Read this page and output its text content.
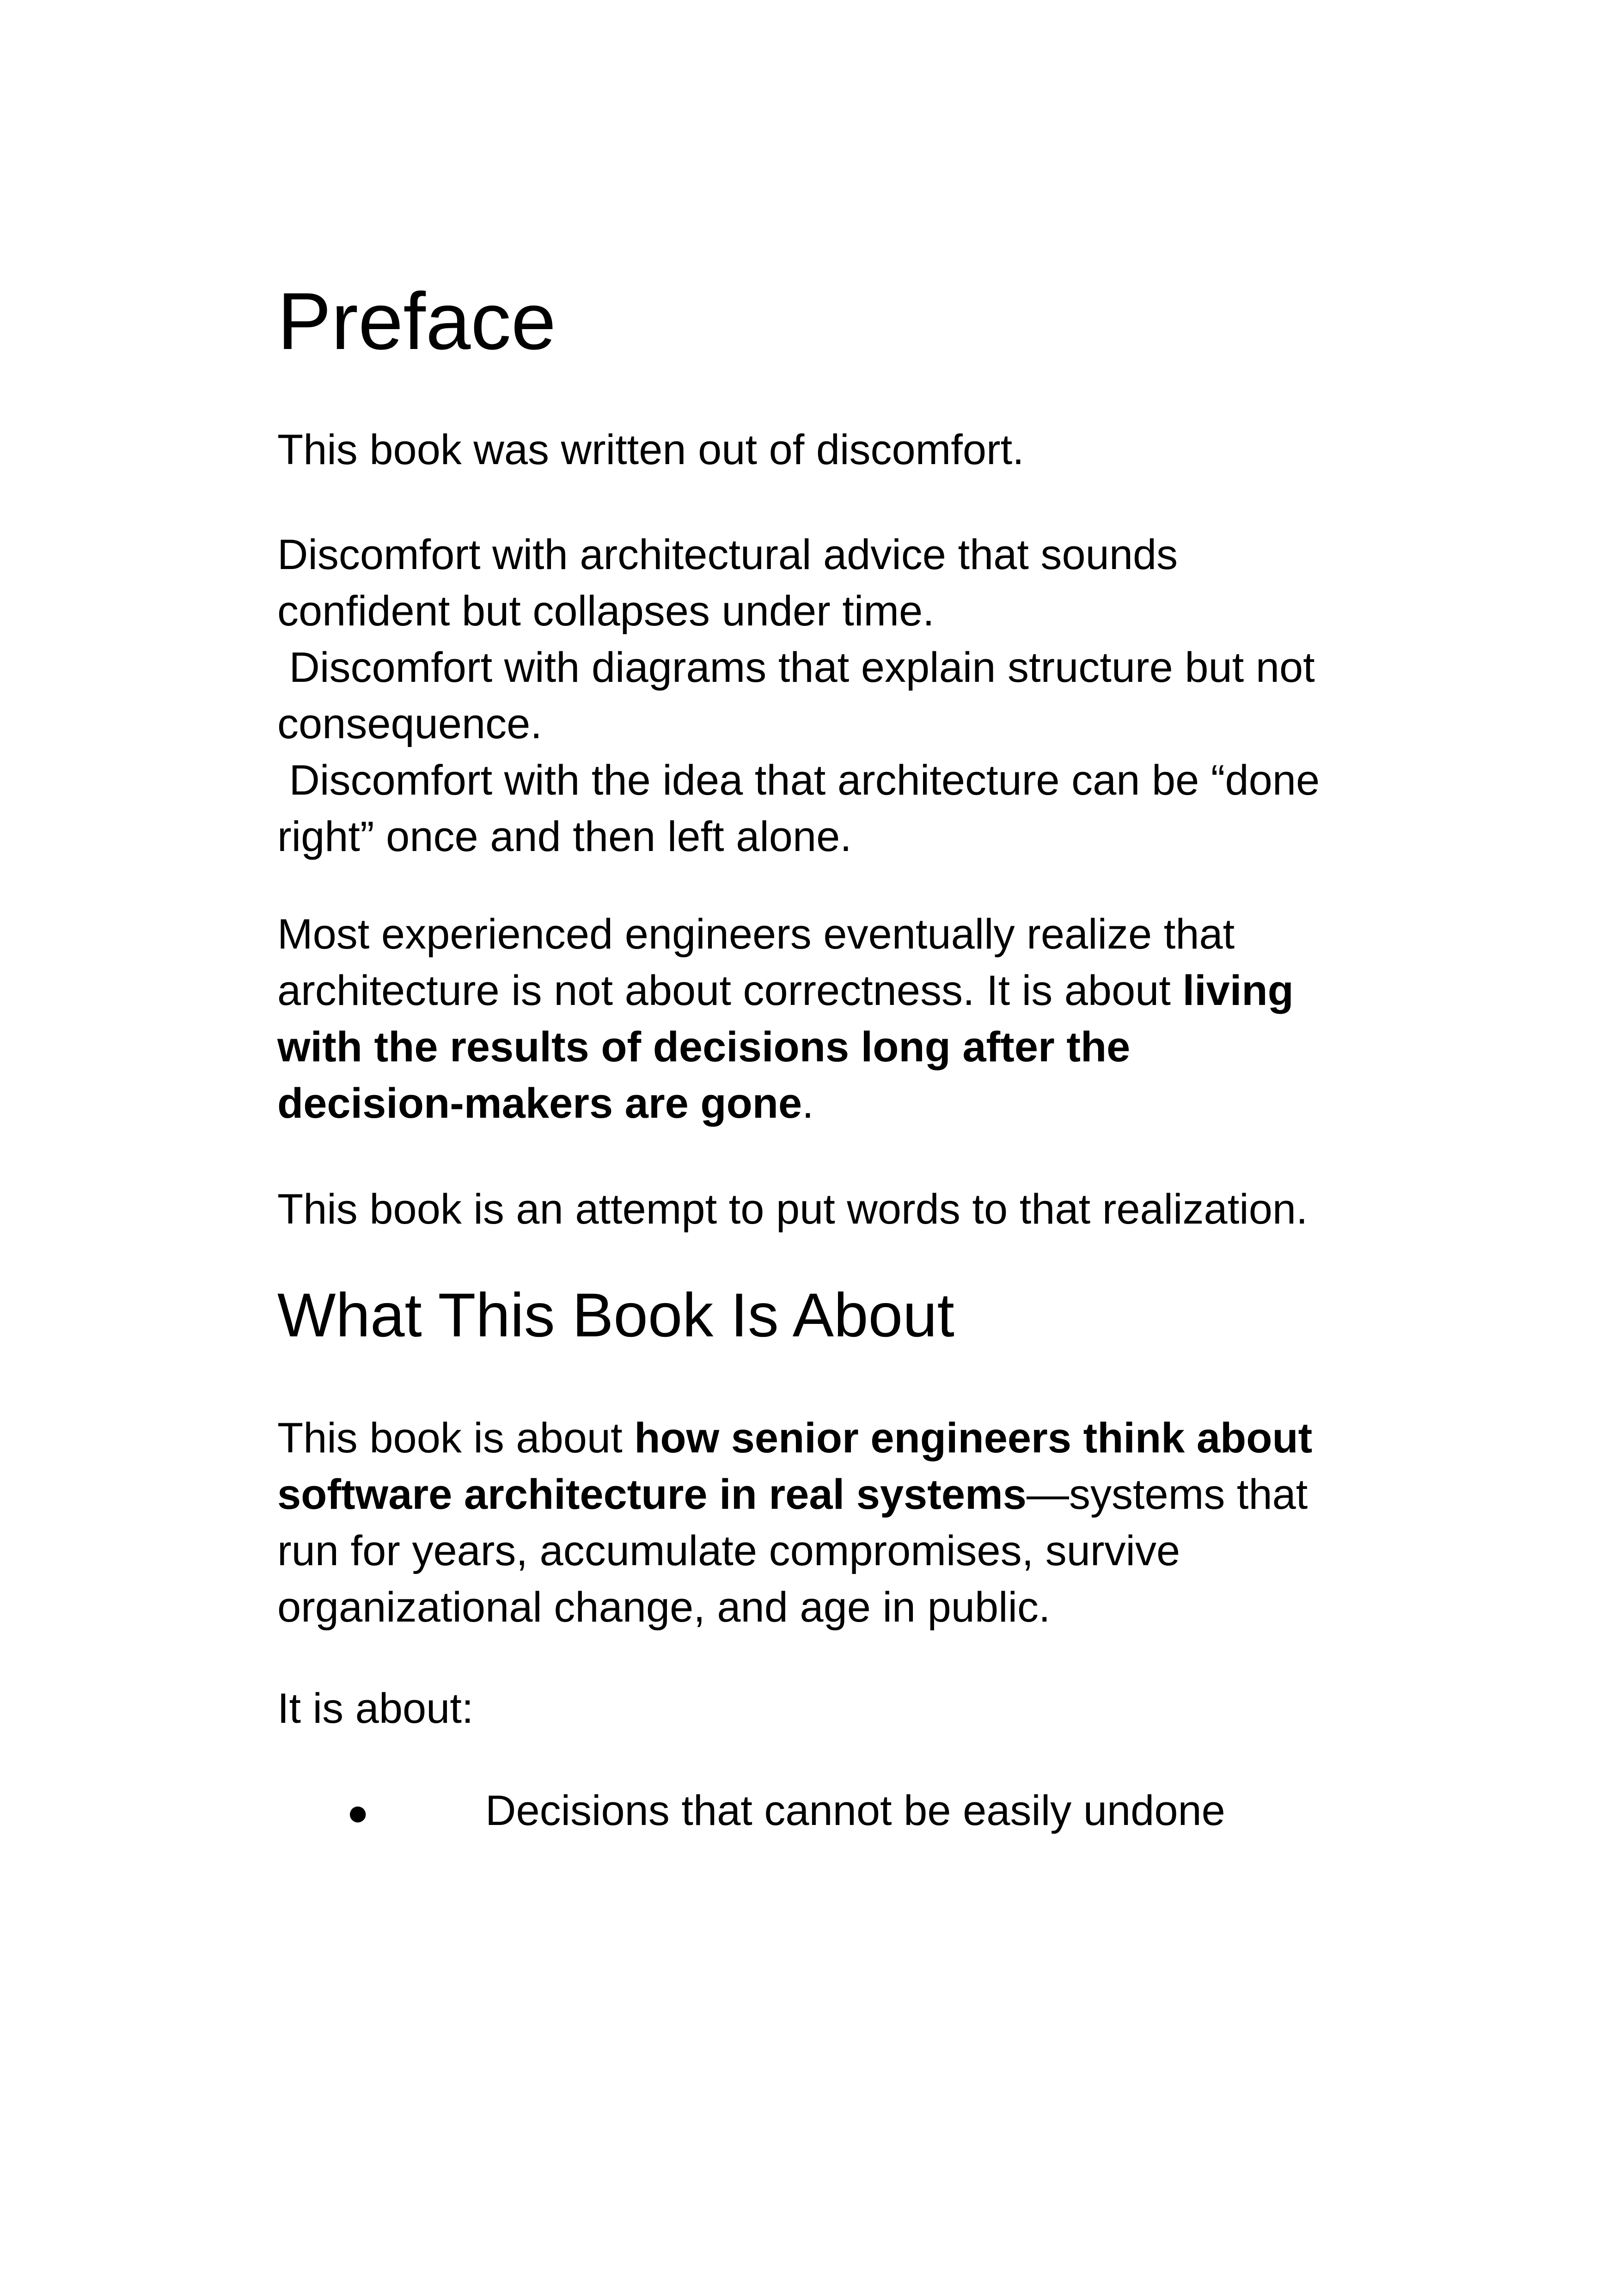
Preface

This book was written out of discomfort.

Discomfort with architectural advice that sounds
confident but collapses under time.
Discomfort with diagrams that explain structure but not
consequence.
Discomfort with the idea that architecture can be “done
right” once and then left alone.

Most experienced engineers eventually realize that
architecture is not about correctness. It is about living
with the results of decisions long after the
decision-makers are gone.

This book is an attempt to put words to that realization.

What This Book Is About

This book is about how senior engineers think about
software architecture in real systems—systems that
run for years, accumulate compromises, survive
organizational change, and age in public.

It is about:

●	Decisions that cannot be easily undone
